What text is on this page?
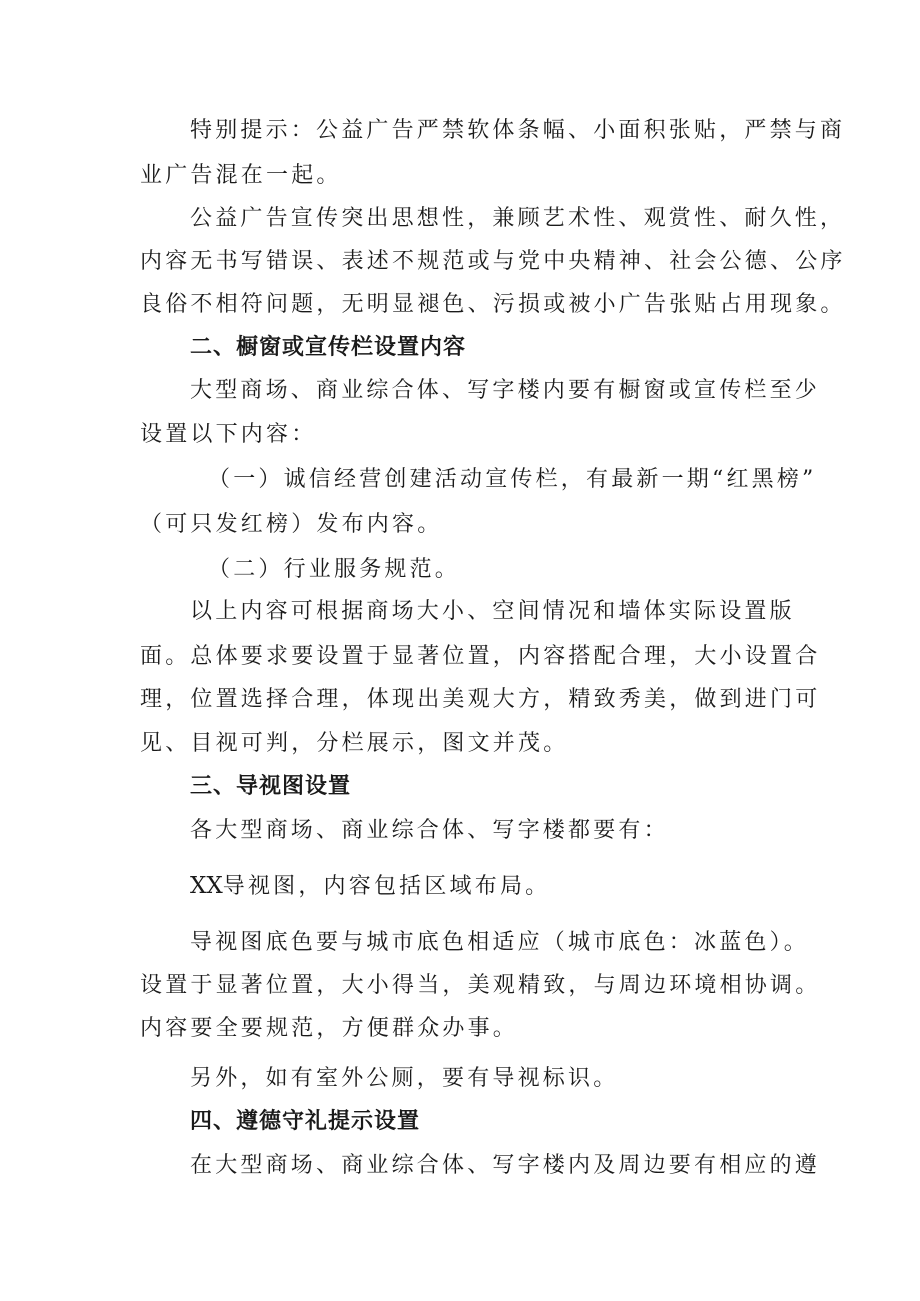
特别提示：公益广告严禁软体条幅、小面积张贴，严禁与商
业广告混在一起。
公益广告宣传突出思想性，兼顾艺术性、观赏性、耐久性，
内容无书写错误、表述不规范或与党中央精神、社会公德、公序
良俗不相符问题，无明显褪色、污损或被小广告张贴占用现象。
二、橱窗或宣传栏设置内容
大型商场、商业综合体、写字楼内要有橱窗或宣传栏至少
设置以下内容：
（一）诚信经营创建活动宣传栏，有最新一期“红黑榜”
（可只发红榜）发布内容。
（二）行业服务规范。
以上内容可根据商场大小、空间情况和墙体实际设置版
面。总体要求要设置于显著位置，内容搭配合理，大小设置合
理，位置选择合理，体现出美观大方，精致秀美，做到进门可
见、目视可判，分栏展示，图文并茂。
三、导视图设置
各大型商场、商业综合体、写字楼都要有：
XX导视图，内容包括区域布局。
导视图底色要与城市底色相适应（城市底色：冰蓝色）。
设置于显著位置，大小得当，美观精致，与周边环境相协调。
内容要全要规范，方便群众办事。
另外，如有室外公厕，要有导视标识。
四、遵德守礼提示设置
在大型商场、商业综合体、写字楼内及周边要有相应的遵
